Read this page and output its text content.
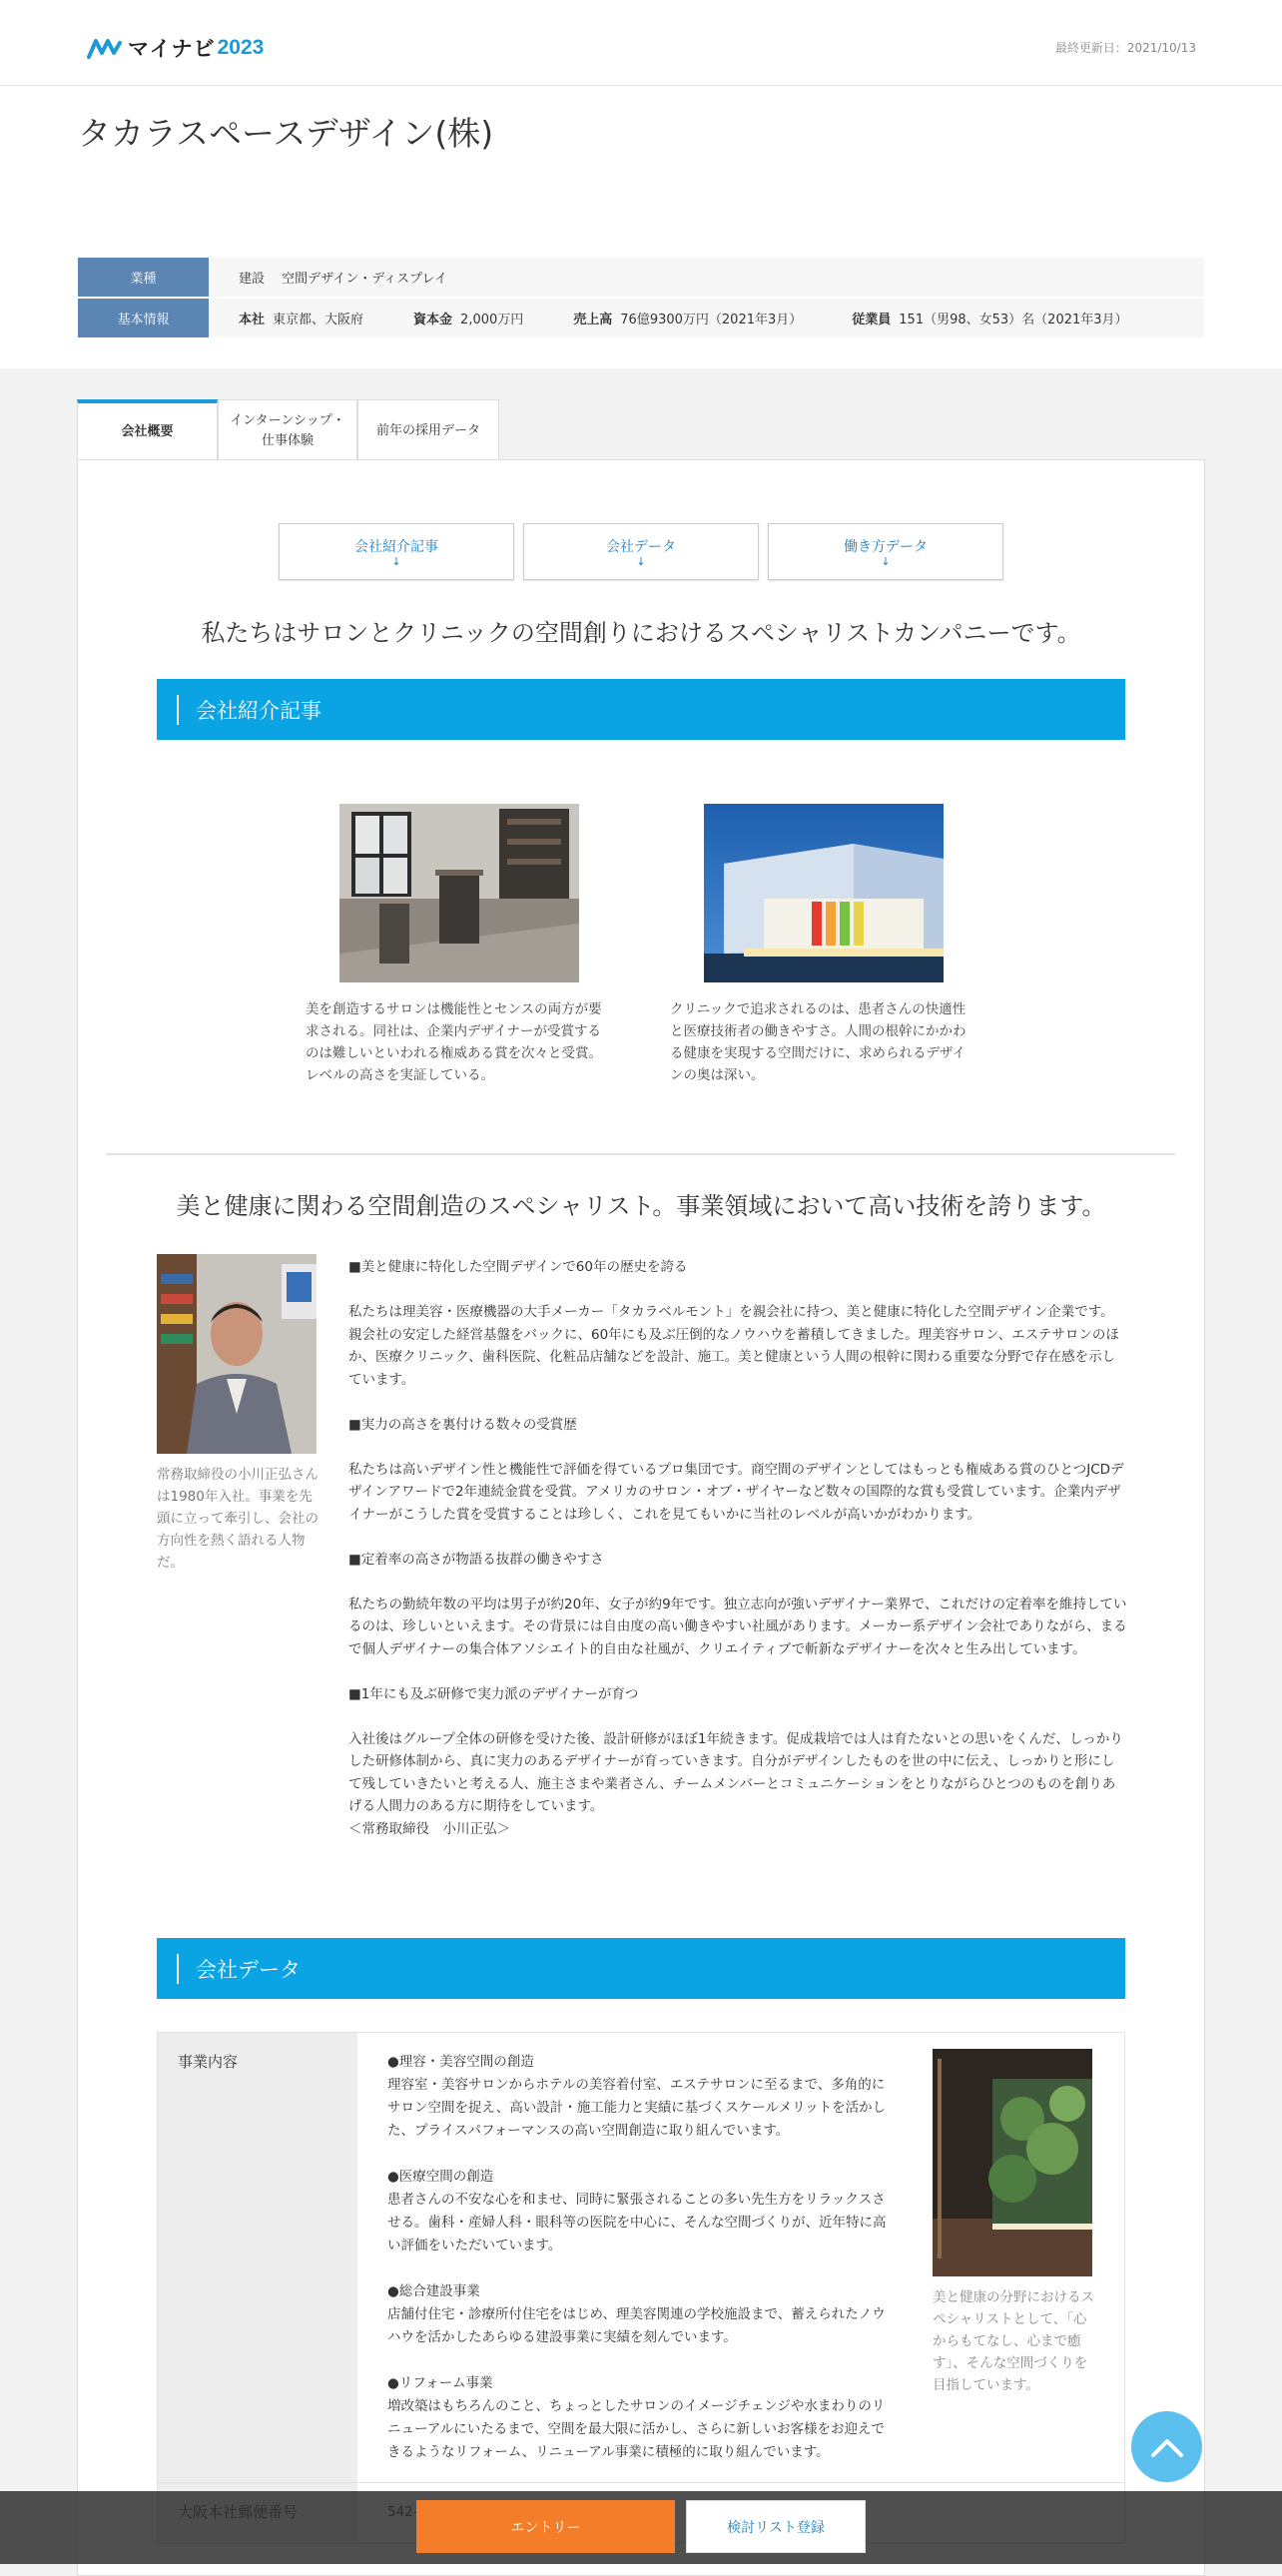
マイナビ 2023	最終更新日：2021/10/13
タカラスペースデザイン(株)
業種	建設　 空間デザイン・ディスプレイ
基本情報	本社 東京都、大阪府	資本金 2,000万円	売上高 76億9300万円（2021年3月）	従業員 151（男98、女53）名（2021年3月）
会社概要
インターンシップ・
仕事体験
前年の採用データ
会社紹介記事
↓
会社データ
↓
働き方データ
↓
私たちはサロンとクリニックの空間創りにおけるスペシャリストカンパニーです。
会社紹介記事
美を創造するサロンは機能性とセンスの両方が要求される。同社は、企業内デザイナーが受賞するのは難しいといわれる権威ある賞を次々と受賞。レベルの高さを実証している。
クリニックで追求されるのは、患者さんの快適性と医療技術者の働きやすさ。人間の根幹にかかわる健康を実現する空間だけに、求められるデザインの奥は深い。
美と健康に関わる空間創造のスペシャリスト。事業領域において高い技術を誇ります。
常務取締役の小川正弘さんは1980年入社。事業を先頭に立って牽引し、会社の方向性を熱く語れる人物だ。

■美と健康に特化した空間デザインで60年の歴史を誇る

私たちは理美容・医療機器の大手メーカー「タカラベルモント」を親会社に持つ、美と健康に特化した空間デザイン企業です。親会社の安定した経営基盤をバックに、60年にも及ぶ圧倒的なノウハウを蓄積してきました。理美容サロン、エステサロンのほか、医療クリニック、歯科医院、化粧品店舗などを設計、施工。美と健康という人間の根幹に関わる重要な分野で存在感を示しています。

■実力の高さを裏付ける数々の受賞歴

私たちは高いデザイン性と機能性で評価を得ているプロ集団です。商空間のデザインとしてはもっとも権威ある賞のひとつJCDデザインアワードで2年連続金賞を受賞。アメリカのサロン・オブ・ザイヤーなど数々の国際的な賞も受賞しています。企業内デザイナーがこうした賞を受賞することは珍しく、これを見てもいかに当社のレベルが高いかがわかります。

■定着率の高さが物語る抜群の働きやすさ

私たちの勤続年数の平均は男子が約20年、女子が約9年です。独立志向が強いデザイナー業界で、これだけの定着率を維持しているのは、珍しいといえます。その背景には自由度の高い働きやすい社風があります。メーカー系デザイン会社でありながら、まるで個人デザイナーの集合体アソシエイト的自由な社風が、クリエイティブで斬新なデザイナーを次々と生み出しています。

■1年にも及ぶ研修で実力派のデザイナーが育つ

入社後はグループ全体の研修を受けた後、設計研修がほぼ1年続きます。促成栽培では人は育たないとの思いをくんだ、しっかりした研修体制から、真に実力のあるデザイナーが育っていきます。自分がデザインしたものを世の中に伝え、しっかりと形にして残していきたいと考える人、施主さまや業者さん、チームメンバーとコミュニケーションをとりながらひとつのものを創りあげる人間力のある方に期待をしています。

＜常務取締役　小川正弘＞

会社データ
事業内容	●理容・美容空間の創造

理容室・美容サロンからホテルの美容着付室、エステサロンに至るまで、多角的にサロン空間を捉え、高い設計・施工能力と実績に基づくスケールメリットを活かした、プライスパフォーマンスの高い空間創造に取り組んでいます。

●医療空間の創造

患者さんの不安な心を和ませ、同時に緊張されることの多い先生方をリラックスさせる。歯科・産婦人科・眼科等の医院を中心に、そんな空間づくりが、近年特に高い評価をいただいています。

●総合建設事業

店舗付住宅・診療所付住宅をはじめ、理美容関連の学校施設まで、蓄えられたノウハウを活かしたあらゆる建設事業に実績を刻んでいます。

●リフォーム事業

増改築はもちろんのこと、ちょっとしたサロンのイメージチェンジや水まわりのリニューアルにいたるまで、空間を最大限に活かし、さらに新しいお客様をお迎えできるようなリフォーム、リニューアル事業に積極的に取り組んでいます。

美と健康の分野におけるスペシャリストとして、「心からもてなし、心まで癒す」、そんな空間づくりを目指しています。
エントリー	検討リスト登録
